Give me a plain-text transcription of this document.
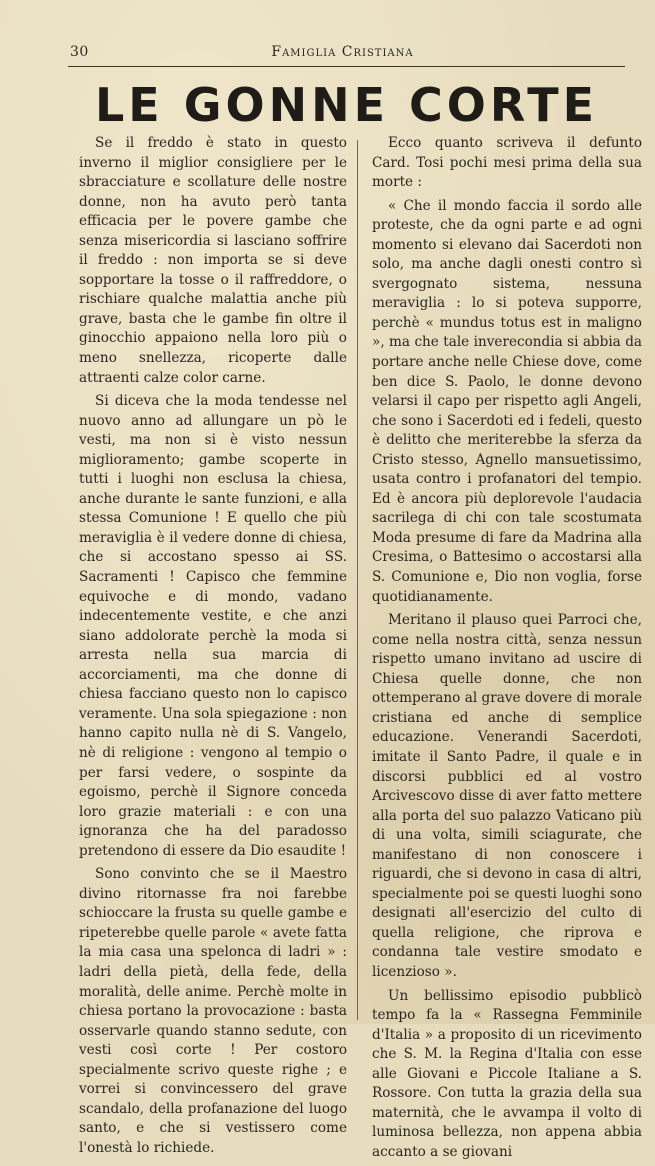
30	Famiglia Cristiana
LE GONNE CORTE

Se il freddo è stato in questo inverno il miglior consigliere per le sbracciature e scollature delle nostre donne, non ha avuto però tanta efficacia per le povere gambe che senza misericordia si lasciano soffrire il freddo : non importa se si deve sopportare la tosse o il raffreddore, o rischiare qualche malattia anche più grave, basta che le gambe fin oltre il ginocchio appaiono nella loro più o meno snellezza, ricoperte dalle attraenti calze color carne.

Si diceva che la moda tendesse nel nuovo anno ad allungare un pò le vesti, ma non si è visto nessun miglioramento; gambe scoperte in tutti i luoghi non esclusa la chiesa, anche durante le sante funzioni, e alla stessa Comunione ! E quello che più meraviglia è il vedere donne di chiesa, che si accostano spesso ai SS. Sacramenti ! Capisco che femmine equivoche e di mondo, vadano indecentemente vestite, e che anzi siano addolorate perchè la moda si arresta nella sua marcia di accorciamenti, ma che donne di chiesa facciano questo non lo capisco veramente. Una sola spiegazione : non hanno capito nulla nè di S. Vangelo, nè di religione : vengono al tempio o per farsi vedere, o sospinte da egoismo, perchè il Signore conceda loro grazie materiali : e con una ignoranza che ha del paradosso pretendono di essere da Dio esaudite !

Sono convinto che se il Maestro divino ritornasse fra noi farebbe schioccare la frusta su quelle gambe e ripeterebbe quelle parole « avete fatta la mia casa una spelonca di ladri » : ladri della pietà, della fede, della moralità, delle anime. Perchè molte in chiesa portano la provocazione : basta osservarle quando stanno sedute, con vesti così corte ! Per costoro specialmente scrivo queste righe ; e vorrei si convincessero del grave scandalo, della profanazione del luogo santo, e che si vestissero come l'onestà lo richiede.

Ecco quanto scriveva il defunto Card. Tosi pochi mesi prima della sua morte :

« Che il mondo faccia il sordo alle proteste, che da ogni parte e ad ogni momento si elevano dai Sacerdoti non solo, ma anche dagli onesti contro sì svergognato sistema, nessuna meraviglia : lo si poteva supporre, perchè « mundus totus est in maligno », ma che tale inverecondia si abbia da portare anche nelle Chiese dove, come ben dice S. Paolo, le donne devono velarsi il capo per rispetto agli Angeli, che sono i Sacerdoti ed i fedeli, questo è delitto che meriterebbe la sferza da Cristo stesso, Agnello mansuetissimo, usata contro i profanatori del tempio. Ed è ancora più deplorevole l'audacia sacrilega di chi con tale scostumata Moda presume di fare da Madrina alla Cresima, o Battesimo o accostarsi alla S. Comunione e, Dio non voglia, forse quotidianamente.

Meritano il plauso quei Parroci che, come nella nostra città, senza nessun rispetto umano invitano ad uscire di Chiesa quelle donne, che non ottemperano al grave dovere di morale cristiana ed anche di semplice educazione. Venerandi Sacerdoti, imitate il Santo Padre, il quale e in discorsi pubblici ed al vostro Arcivescovo disse di aver fatto mettere alla porta del suo palazzo Vaticano più di una volta, simili sciagurate, che manifestano di non conoscere i riguardi, che si devono in casa di altri, specialmente poi se questi luoghi sono designati all'esercizio del culto di quella religione, che riprova e condanna tale vestire smodato e licenzioso ».

Un bellissimo episodio pubblicò tempo fa la « Rassegna Femminile d'Italia » a proposito di un ricevimento che S. M. la Regina d'Italia con esse alle Giovani e Piccole Italiane a S. Rossore. Con tutta la grazia della sua maternità, che le avvampa il volto di luminosa bellezza, non appena abbia accanto a se giovani
